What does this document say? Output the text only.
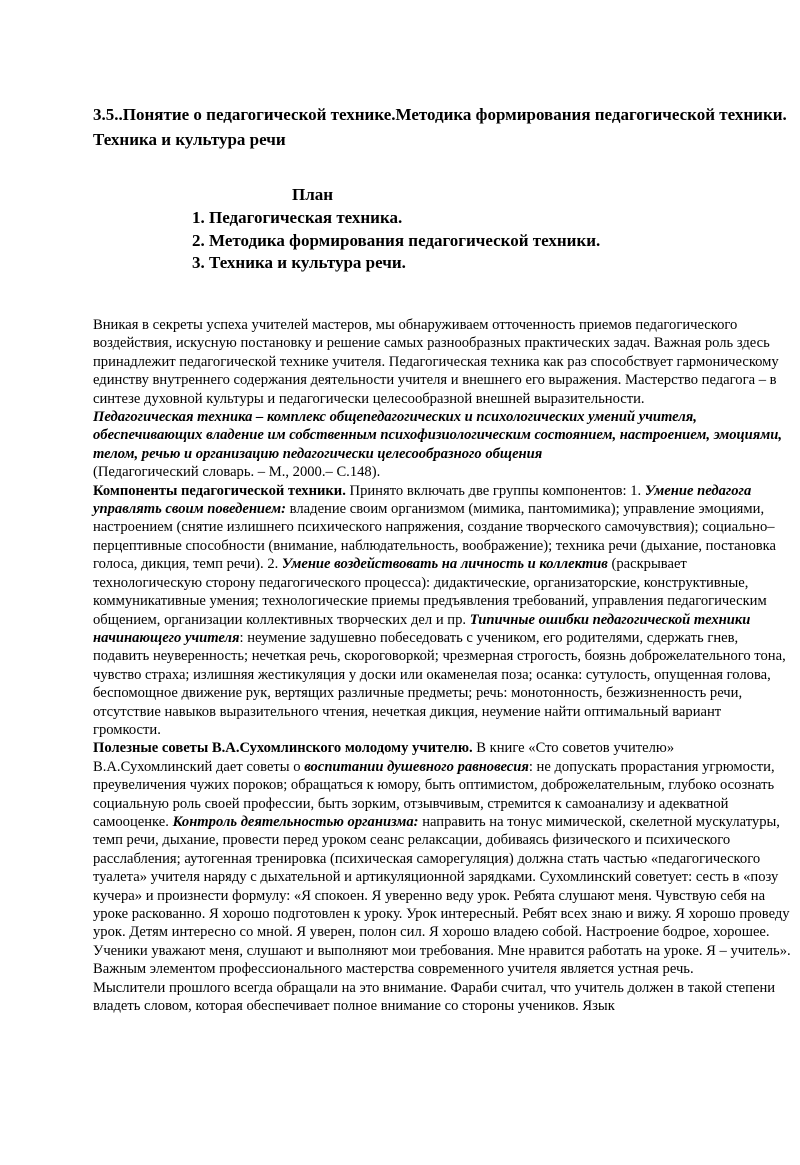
3.5..Понятие о педагогической технике.Методика формирования педагогической техники. Техника и культура речи
План
1. Педагогическая техника.
2. Методика формирования педагогической техники.
3. Техника и культура речи.

Вникая в секреты успеха учителей мастеров, мы обнаруживаем отточенность приемов педагогического воздействия, искусную постановку и решение самых разнообразных практических задач. Важная роль здесь принадлежит педагогической технике учителя. Педагогическая техника как раз способствует гармоническому единству внутреннего содержания деятельности учителя и внешнего его выражения. Мастерство педагога – в синтезе духовной культуры и педагогически целесообразной внешней выразительности.

Педагогическая техника – комплекс общепедагогических и психологических умений учителя, обеспечивающих владение им собственным психофизиологическим состоянием, настроением, эмоциями, телом, речью и организацию педагогически целесообразного общения
(Педагогический словарь. – М., 2000.– С.148).

Компоненты педагогической техники. Принято включать две группы компонентов: 1. Умение педагога управлять своим поведением: владение своим организмом (мимика, пантомимика); управление эмоциями, настроением (снятие излишнего психического напряжения, создание творческого самочувствия); социально–перцептивные способности (внимание, наблюдательность, воображение); техника речи (дыхание, постановка голоса, дикция, темп речи). 2. Умение воздействовать на личность и коллектив (раскрывает технологическую сторону педагогического процесса): дидактические, организаторские, конструктивные, коммуникативные умения; технологические приемы предъявления требований, управления педагогическим общением, организации коллективных творческих дел и пр. Типичные ошибки педагогической техники начинающего учителя: неумение задушевно побеседовать с учеником, его родителями, сдержать гнев, подавить неуверенность; нечеткая речь, скороговоркой; чрезмерная строгость, боязнь доброжелательного тона, чувство страха; излишняя жестикуляция у доски или окаменелая поза; осанка: сутулость, опущенная голова, беспомощное движение рук, вертящих различные предметы; речь: монотонность, безжизненность речи, отсутствие навыков выразительного чтения, нечеткая дикция, неумение найти оптимальный вариант громкости.

Полезные советы В.А.Сухомлинского молодому учителю. В книге «Сто советов учителю» В.А.Сухомлинский дает советы о воспитании душевного равновесия: не допускать прорастания угрюмости, преувеличения чужих пороков; обращаться к юмору, быть оптимистом, доброжелательным, глубоко осознать социальную роль своей профессии, быть зорким, отзывчивым, стремится к самоанализу и адекватной самооценке. Контроль деятельностью организма: направить на тонус мимической, скелетной мускулатуры, темп речи, дыхание, провести перед уроком сеанс релаксации, добиваясь физического и психического расслабления; аутогенная тренировка (психическая саморегуляция) должна стать частью «педагогического туалета» учителя наряду с дыхательной и артикуляционной зарядками. Сухомлинский советует: сесть в «позу кучера» и произнести формулу: «Я спокоен. Я уверенно веду урок. Ребята слушают меня. Чувствую себя на уроке раскованно. Я хорошо подготовлен к уроку. Урок интересный. Ребят всех знаю и вижу. Я хорошо проведу урок. Детям интересно со мной. Я уверен, полон сил. Я хорошо владею собой. Настроение бодрое, хорошее. Ученики уважают меня, слушают и выполняют мои требования. Мне нравится работать на уроке. Я – учитель». Важным элементом профессионального мастерства современного учителя является устная речь.

Мыслители прошлого всегда обращали на это внимание. Фараби считал, что учитель должен в такой степени владеть словом, которая обеспечивает полное внимание со стороны учеников. Язык
